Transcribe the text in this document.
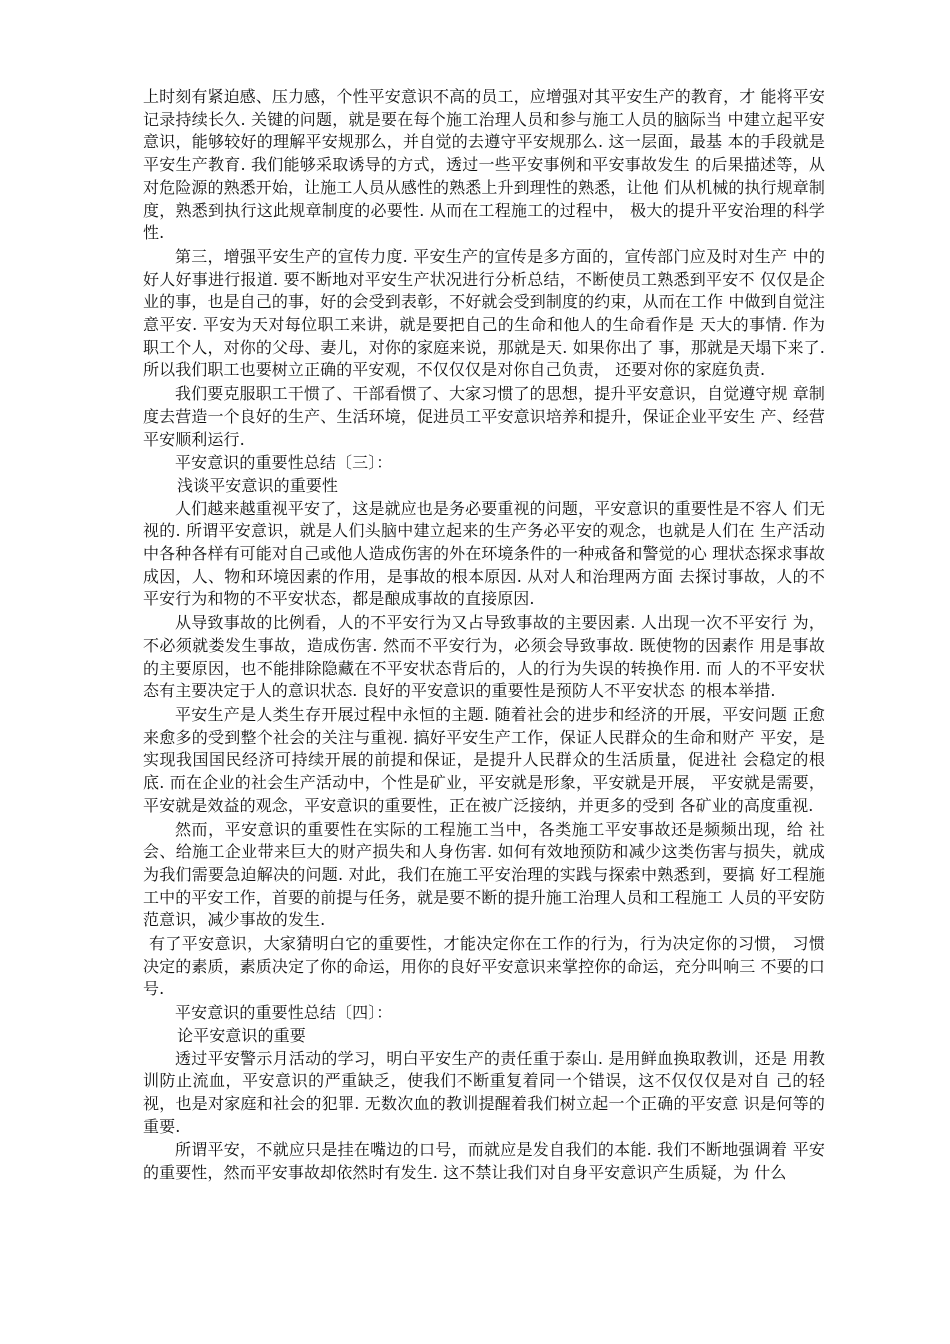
上时刻有紧迫感、压力感，个性平安意识不高的员工，应增强对其平安生产的教育，才 能将平安记录持续长久. 关键的问题，就是要在每个施工治理人员和参与施工人员的脑际当 中建立起平安意识，能够较好的理解平安规那么，并自觉的去遵守平安规那么. 这一层面，最基 本的手段就是平安生产教育. 我们能够采取诱导的方式，透过一些平安事例和平安事故发生 的后果描述等，从对危险源的熟悉开始，让施工人员从感性的熟悉上升到理性的熟悉，让他 们从机械的执行规章制度，熟悉到执行这此规章制度的必要性. 从而在工程施工的过程中， 极大的提升平安治理的科学性.

第三，增强平安生产的宣传力度. 平安生产的宣传是多方面的，宣传部门应及时对生产 中的好人好事进行报道. 要不断地对平安生产状况进行分析总结，不断使员工熟悉到平安不 仅仅是企业的事，也是自己的事，好的会受到表彰，不好就会受到制度的约束，从而在工作 中做到自觉注意平安. 平安为天对每位职工来讲，就是要把自己的生命和他人的生命看作是 天大的事情. 作为职工个人，对你的父母、妻儿，对你的家庭来说，那就是天. 如果你出了 事，那就是天塌下来了. 所以我们职工也要树立正确的平安观，不仅仅仅是对你自己负责， 还要对你的家庭负责.

我们要克服职工干惯了、干部看惯了、大家习惯了的思想，提升平安意识，自觉遵守规 章制度去营造一个良好的生产、生活环境，促进员工平安意识培养和提升，保证企业平安生 产、经营平安顺利运行.

平安意识的重要性总结〔三〕：

浅谈平安意识的重要性

人们越来越重视平安了，这是就应也是务必要重视的问题，平安意识的重要性是不容人 们无视的. 所谓平安意识，就是人们头脑中建立起来的生产务必平安的观念，也就是人们在 生产活动中各种各样有可能对自己或他人造成伤害的外在环境条件的一种戒备和警觉的心 理状态探求事故成因，人、物和环境因素的作用，是事故的根本原因. 从对人和治理两方面 去探讨事故，人的不平安行为和物的不平安状态，都是酿成事故的直接原因.

从导致事故的比例看，人的不平安行为又占导致事故的主要因素. 人出现一次不平安行 为，不必须就娄发生事故，造成伤害. 然而不平安行为，必须会导致事故. 既使物的因素作 用是事故的主要原因，也不能排除隐藏在不平安状态背后的，人的行为失误的转换作用. 而 人的不平安状态有主要决定于人的意识状态. 良好的平安意识的重要性是预防人不平安状态 的根本举措.

平安生产是人类生存开展过程中永恒的主题. 随着社会的进步和经济的开展，平安问题 正愈来愈多的受到整个社会的关注与重视. 搞好平安生产工作，保证人民群众的生命和财产 平安，是实现我国国民经济可持续开展的前提和保证，是提升人民群众的生活质量，促进社 会稳定的根底. 而在企业的社会生产活动中，个性是矿业，平安就是形象，平安就是开展， 平安就是需要，平安就是效益的观念，平安意识的重要性，正在被广泛接纳，并更多的受到 各矿业的高度重视.

然而，平安意识的重要性在实际的工程施工当中，各类施工平安事故还是频频出现，给 社会、给施工企业带来巨大的财产损失和人身伤害. 如何有效地预防和减少这类伤害与损失，就成为我们需要急迫解决的问题. 对此，我们在施工平安治理的实践与探索中熟悉到，要搞 好工程施工中的平安工作，首要的前提与任务，就是要不断的提升施工治理人员和工程施工 人员的平安防范意识，减少事故的发生.

有了平安意识，大家猜明白它的重要性，才能决定你在工作的行为，行为决定你的习惯， 习惯决定的素质，素质决定了你的命运，用你的良好平安意识来掌控你的命运，充分叫响三 不要的口号.

平安意识的重要性总结〔四〕：

论平安意识的重要

透过平安警示月活动的学习，明白平安生产的责任重于泰山. 是用鲜血换取教训，还是 用教训防止流血，平安意识的严重缺乏，使我们不断重复着同一个错误，这不仅仅仅是对自 己的轻视，也是对家庭和社会的犯罪. 无数次血的教训提醒着我们树立起一个正确的平安意 识是何等的重要.

所谓平安，不就应只是挂在嘴边的口号，而就应是发自我们的本能. 我们不断地强调着 平安的重要性，然而平安事故却依然时有发生. 这不禁让我们对自身平安意识产生质疑，为 什么
